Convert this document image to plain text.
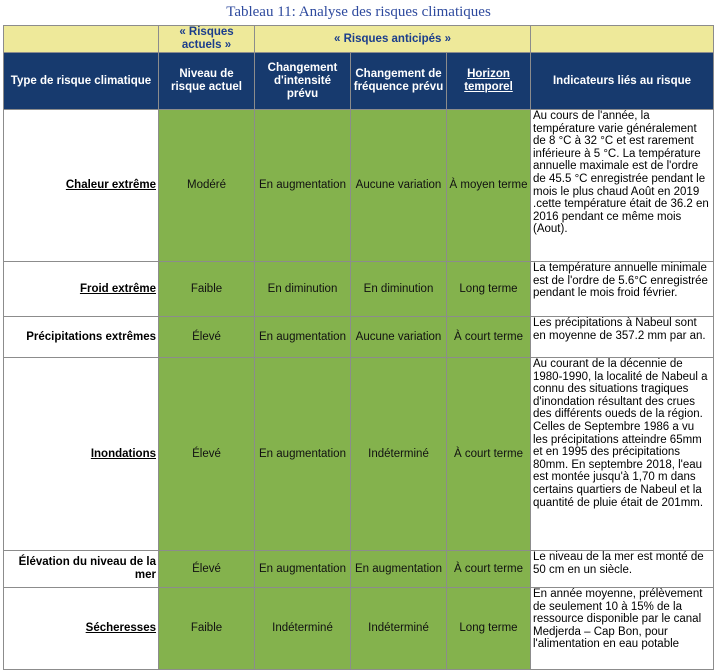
Tableau 11: Analyse des risques climatiques
	« Risques actuels »	« Risques anticipés »			
Type de risque climatique	Niveau de risque actuel	Changement d'intensité prévu	Changement de fréquence prévu	Horizon temporel	Indicateurs liés au risque
Chaleur extrême	Modéré	En augmentation	Aucune variation	À moyen terme	Au cours de l'année, la température varie généralement de 8 °C à 32 °C et est rarement inférieure à 5 °C. La température annuelle maximale est de l'ordre de 45.5 °C enregistrée pendant le mois le plus chaud Août en 2019 .cette température était de 36.2 en 2016 pendant ce même mois (Aout).
Froid extrême	Faible	En diminution	En diminution	Long terme	La température annuelle minimale est de l'ordre de 5.6°C enregistrée pendant le mois froid février.
Précipitations extrêmes	Élevé	En augmentation	Aucune variation	À court terme	Les précipitations à Nabeul sont en moyenne de 357.2 mm par an.
Inondations	Élevé	En augmentation	Indéterminé	À court terme	Au courant de la décennie de 1980-1990, la localité de Nabeul a connu des situations tragiques d'inondation résultant des crues des différents oueds de la région. Celles de Septembre 1986 a vu les précipitations atteindre 65mm et en 1995 des précipitations 80mm. En septembre 2018, l'eau est montée jusqu'à 1,70 m dans certains quartiers de Nabeul et la quantité de pluie était de 201mm.
Élévation du niveau de la mer	Élevé	En augmentation	En augmentation	À court terme	Le niveau de la mer est monté de 50 cm en un siècle.
Sécheresses	Faible	Indéterminé	Indéterminé	Long terme	En année moyenne, prélèvement de seulement 10 à 15% de la ressource disponible par le canal Medjerda – Cap Bon, pour l'alimentation en eau potable
